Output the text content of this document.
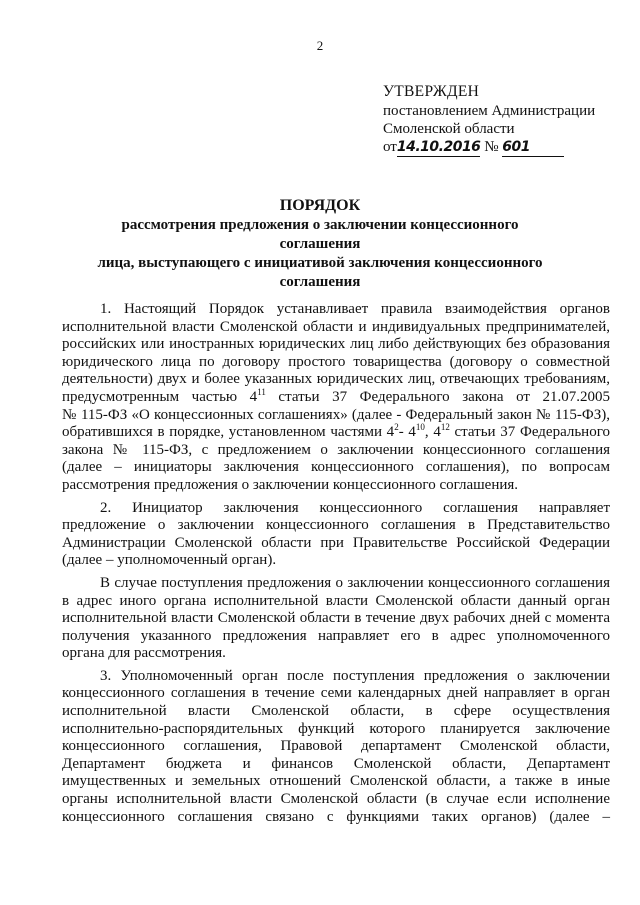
2
УТВЕРЖДЕН
постановлением Администрации
Смоленской области
от14.10.2016 № 601
ПОРЯДОК
рассмотрения предложения о заключении концессионного соглашения
лица, выступающего с инициативой заключения концессионного
соглашения

1. Настоящий Порядок устанавливает правила взаимодействия органов
исполнительной власти Смоленской области и индивидуальных предпринимателей,
российских или иностранных юридических лиц либо действующих без образования
юридического лица по договору простого товарищества (договору о совместной
деятельности) двух и более указанных юридических лиц, отвечающих требованиям,
предусмотренным частью $4^{11}$ статьи 37 Федерального закона от 21.07.2005
№ 115-ФЗ «О концессионных соглашениях» (далее - Федеральный закон № 115-ФЗ),
обратившихся в порядке, установленном частями $4^2-$ $4^{10}$, $4^{12}$ статьи 37 Федерального
закона № 115-ФЗ, с предложением о заключении концессионного соглашения
(далее – инициаторы заключения концессионного соглашения), по вопросам
рассмотрения предложения о заключении концессионного соглашения.

2. Инициатор заключения концессионного соглашения направляет
предложение о заключении концессионного соглашения в Представительство
Администрации Смоленской области при Правительстве Российской Федерации
(далее – уполномоченный орган).

В случае поступления предложения о заключении концессионного соглашения
в адрес иного органа исполнительной власти Смоленской области данный орган
исполнительной власти Смоленской области в течение двух рабочих дней с момента
получения указанного предложения направляет его в адрес уполномоченного
органа для рассмотрения.

3. Уполномоченный орган после поступления предложения о заключении
концессионного соглашения в течение семи календарных дней направляет в орган
исполнительной власти Смоленской области, в сфере осуществления
исполнительно-распорядительных функций которого планируется заключение
концессионного соглашения, Правовой департамент Смоленской области,
Департамент бюджета и финансов Смоленской области, Департамент
имущественных и земельных отношений Смоленской области, а также в иные
органы исполнительной власти Смоленской области (в случае если исполнение
концессионного соглашения связано с функциями таких органов) (далее –
